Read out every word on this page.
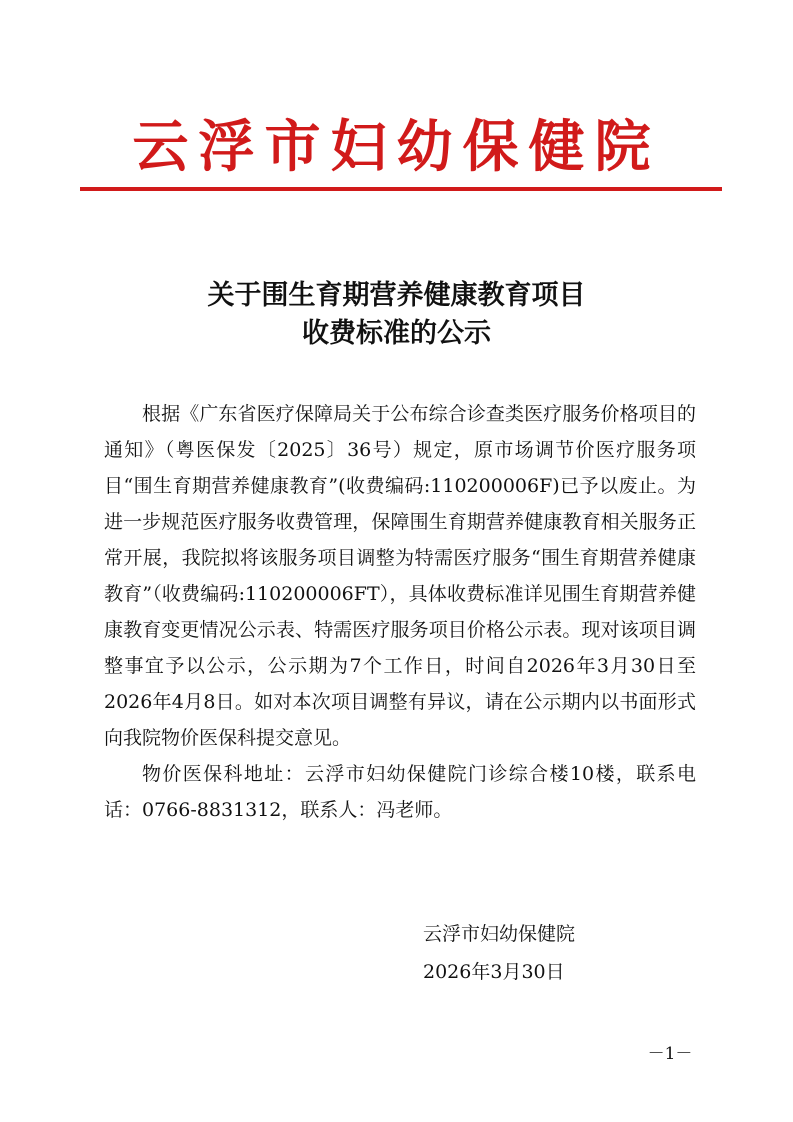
云浮市妇幼保健院
关于围生育期营养健康教育项目
收费标准的公示

根据《广东省医疗保障局关于公布综合诊查类医疗服务价格项目的通知》（粤医保发〔2025〕36号）规定，原市场调节价医疗服务项目“围生育期营养健康教育”(收费编码:110200006F)已予以废止。为进一步规范医疗服务收费管理，保障围生育期营养健康教育相关服务正常开展，我院拟将该服务项目调整为特需医疗服务“围生育期营养健康教育”（收费编码:110200006FT），具体收费标准详见围生育期营养健康教育变更情况公示表、特需医疗服务项目价格公示表。现对该项目调整事宜予以公示，公示期为7个工作日，时间自2026年3月30日至2026年4月8日。如对本次项目调整有异议，请在公示期内以书面形式向我院物价医保科提交意见。

物价医保科地址：云浮市妇幼保健院门诊综合楼10楼，联系电话：0766-8831312，联系人：冯老师。

云浮市妇幼保健院
2026年3月30日
－1－
